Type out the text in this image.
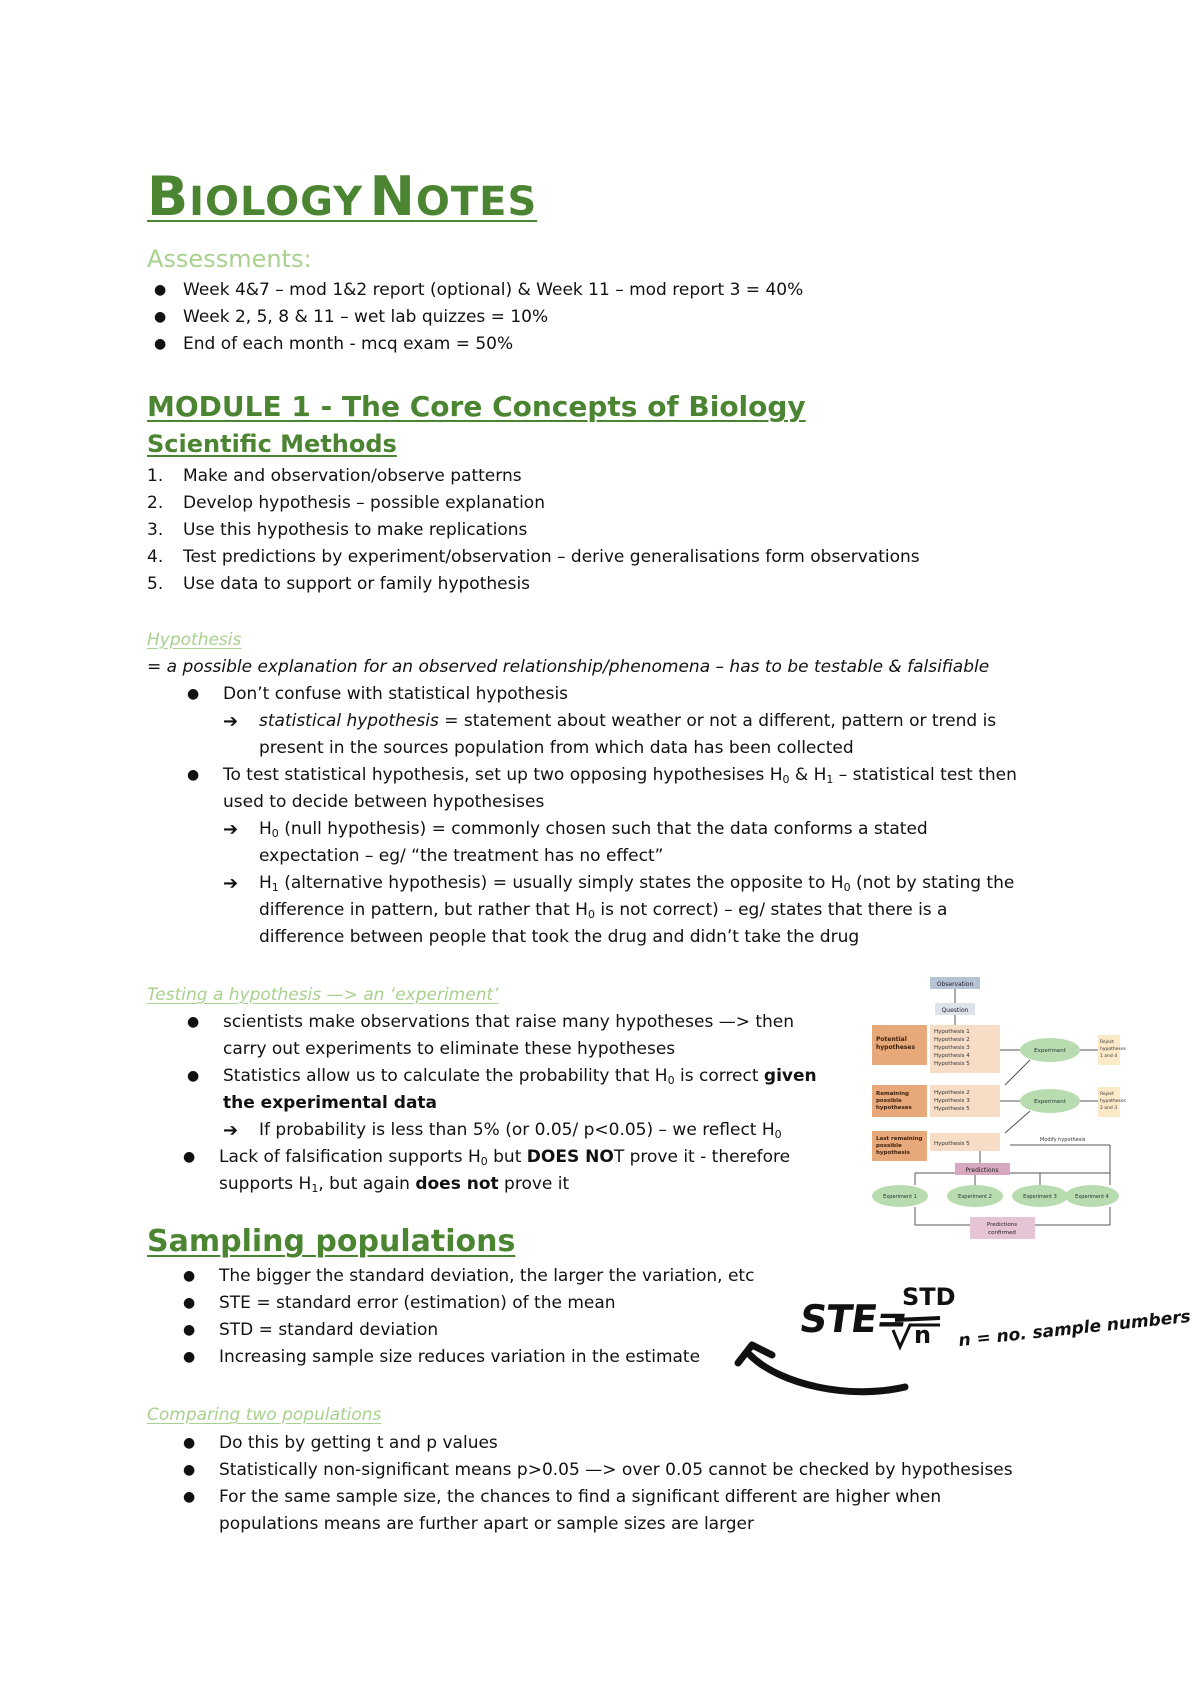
BIOLOGY NOTES
Assessments:
● Week 4&7 – mod 1&2 report (optional) & Week 11 – mod report 3 = 40%
● Week 2, 5, 8 & 11 – wet lab quizzes = 10%
● End of each month - mcq exam = 50%
MODULE 1 - The Core Concepts of Biology
Scientific Methods
1. Make and observation/observe patterns
2. Develop hypothesis – possible explanation
3. Use this hypothesis to make replications
4. Test predictions by experiment/observation – derive generalisations form observations
5. Use data to support or family hypothesis
Hypothesis
= a possible explanation for an observed relationship/phenomena – has to be testable & falsifiable
● Don’t confuse with statistical hypothesis
➔ statistical hypothesis = statement about weather or not a different, pattern or trend is
present in the sources population from which data has been collected
● To test statistical hypothesis, set up two opposing hypothesises $H_0$ & $H_1$ – statistical test then
used to decide between hypothesises
➔ $H_0$ (null hypothesis) = commonly chosen such that the data conforms a stated
expectation – eg/ “the treatment has no effect”
➔ $H_1$ (alternative hypothesis) = usually simply states the opposite to $H_0$ (not by stating the
difference in pattern, but rather that $H_0$ is not correct) – eg/ states that there is a
difference between people that took the drug and didn’t take the drug
Testing a hypothesis —> an ‘experiment’
● scientists make observations that raise many hypotheses —> then
carry out experiments to eliminate these hypotheses
● Statistics allow us to calculate the probability that $H_0$ is correct given
the experimental data
➔ If probability is less than 5% (or 0.05/ p<0.05) – we reflect $H_0$
● Lack of falsification supports $H_0$ but DOES NOT prove it - therefore
supports $H_1$, but again does not prove it
Observation
Question
Potential
hypotheses
Hypothesis 1
Hypothesis 2
Hypothesis 3
Hypothesis 4
Hypothesis 5
Experiment
Reject
hypotheses
1 and 4
Remaining
possible
hypotheses
Hypothesis 2
Hypothesis 3
Hypothesis 5
Experiment
Reject
hypotheses
2 and 3
Last remaining
possible
hypothesis
Hypothesis 5
Modify hypothesis
Predictions
Experiment 1	Experiment 2	Experiment 3	Experiment 4
Predictions
confirmed
Sampling populations
● The bigger the standard deviation, the larger the variation, etc
● STE = standard error (estimation) of the mean
● STD = standard deviation
● Increasing sample size reduces variation in the estimate
STE=
STD
n n = no. sample numbers
Comparing two populations
● Do this by getting t and p values
● Statistically non-significant means p>0.05 —> over 0.05 cannot be checked by hypothesises
● For the same sample size, the chances to find a significant different are higher when
populations means are further apart or sample sizes are larger
